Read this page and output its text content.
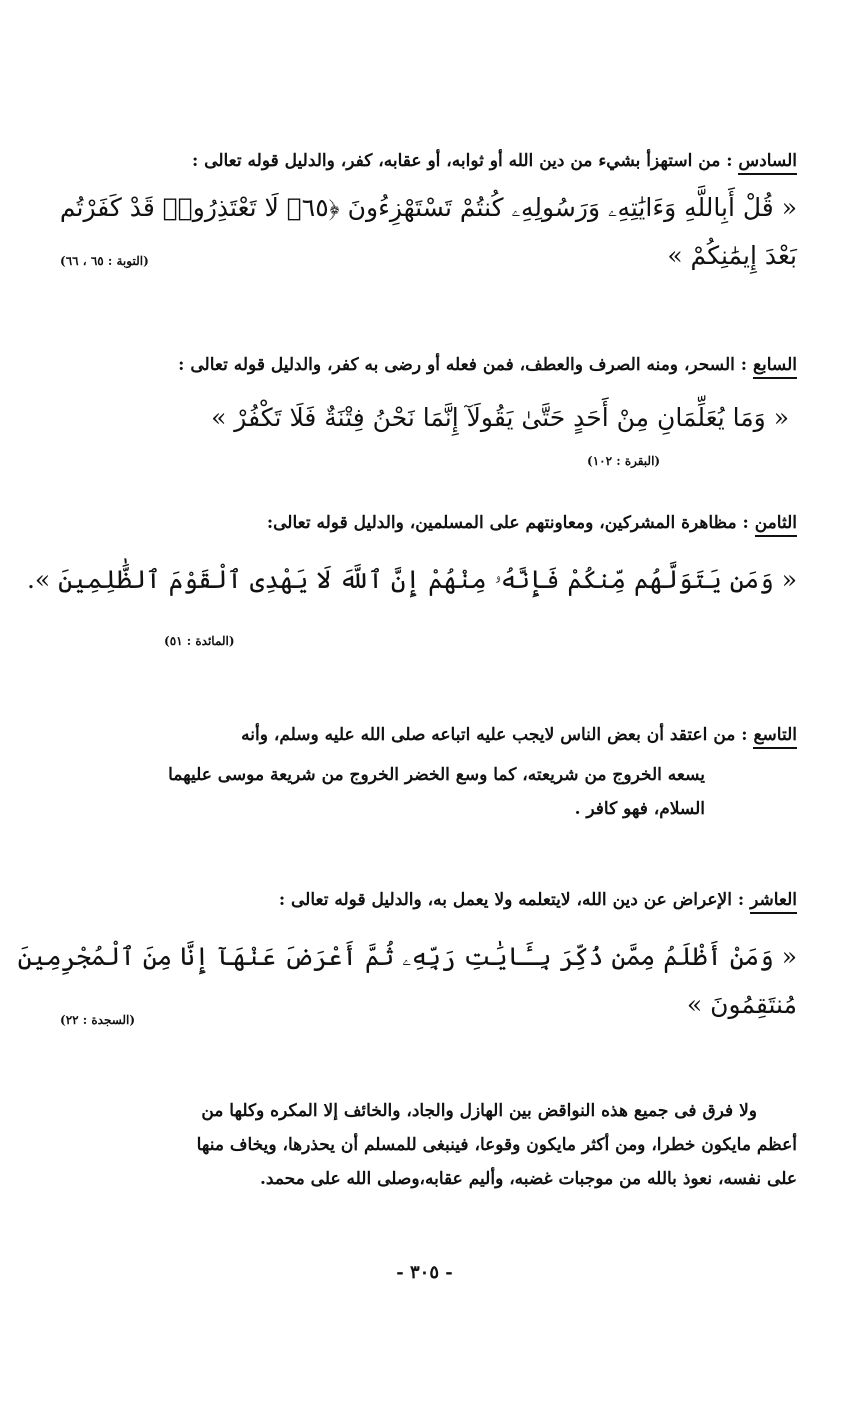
السادس : من استهزأ بشيء من دين الله أو ثوابه، أو عقابه، كفر، والدليل قوله تعالى :
« قُلْ أَبِاللَّهِ وَءَايَٰتِهِۦ وَرَسُولِهِۦ كُنتُمْ تَسْتَهْزِءُونَ ﴿٦٥﴾ لَا تَعْتَذِرُوا۟ قَدْ كَفَرْتُم
بَعْدَ إِيمَٰنِكُمْ »
(التوبة : ٦٥ ، ٦٦)
السابع : السحر، ومنه الصرف والعطف، فمن فعله أو رضى به كفر، والدليل قوله تعالى :
« وَمَا يُعَلِّمَانِ مِنْ أَحَدٍ حَتَّىٰ يَقُولَآ إِنَّمَا نَحْنُ فِتْنَةٌ فَلَا تَكْفُرْ »
(البقرة : ١٠٢)
الثامن : مظاهرة المشركين، ومعاونتهم على المسلمين، والدليل قوله تعالى:
« وَمَن يَتَوَلَّهُم مِّنكُمْ فَإِنَّهُۥ مِنْهُمْ إِنَّ ٱللَّهَ لَا يَهْدِى ٱلْقَوْمَ ٱلظَّٰلِمِينَ ».
(المائدة : ٥١)
التاسع : من اعتقد أن بعض الناس لايجب عليه اتباعه صلى الله عليه وسلم، وأنه
يسعه الخروج من شريعته، كما وسع الخضر الخروج من شريعة موسى عليهما
السلام، فهو كافر .
العاشر : الإعراض عن دين الله، لايتعلمه ولا يعمل به، والدليل قوله تعالى :
« وَمَنْ أَظْلَمُ مِمَّن ذُكِّرَ بِـَٔايَٰتِ رَبِّهِۦ ثُمَّ أَعْرَضَ عَنْهَآ إِنَّا مِنَ ٱلْمُجْرِمِينَ
مُنتَقِمُونَ »
(السجدة : ٢٢)
ولا فرق فى جميع هذه النواقض بين الهازل والجاد، والخائف إلا المكره وكلها من
أعظم مايكون خطرا، ومن أكثر مايكون وقوعا، فينبغى للمسلم أن يحذرها، ويخاف منها
على نفسه، نعوذ بالله من موجبات غضبه، وأليم عقابه،وصلى الله على محمد.
- ٣٠٥ -
